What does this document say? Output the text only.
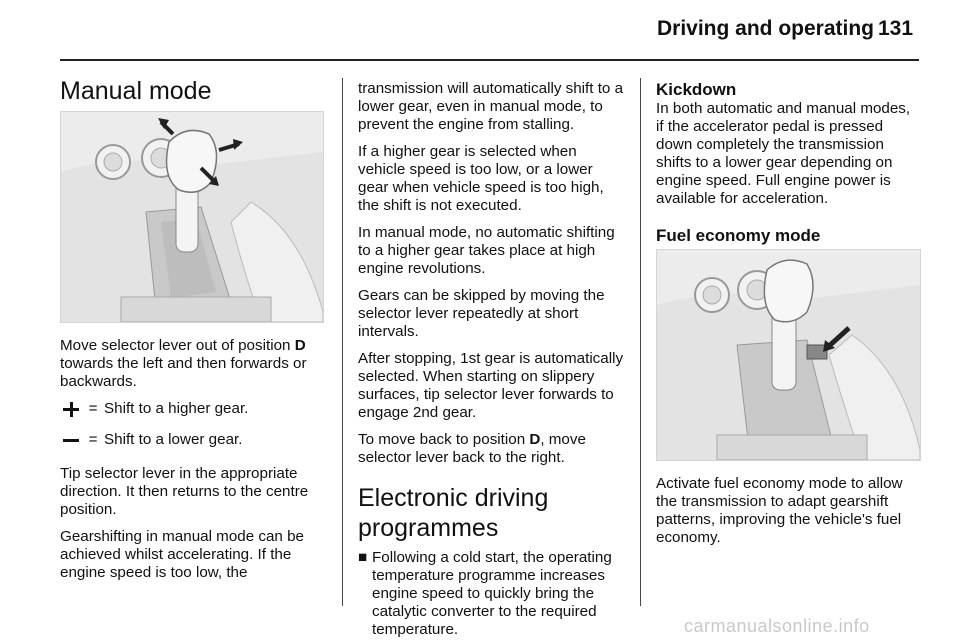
Driving and operating 131
Manual mode

Move selector lever out of position D towards the left and then forwards or backwards.

= Shift to a higher gear.
= Shift to a lower gear.

Tip selector lever in the appropriate direction. It then returns to the centre position.

Gearshifting in manual mode can be achieved whilst accelerating. If the engine speed is too low, the

transmission will automatically shift to a lower gear, even in manual mode, to prevent the engine from stalling.

If a higher gear is selected when vehicle speed is too low, or a lower gear when vehicle speed is too high, the shift is not executed.

In manual mode, no automatic shifting to a higher gear takes place at high engine revolutions.

Gears can be skipped by moving the selector lever repeatedly at short intervals.

After stopping, 1st gear is automatically selected. When starting on slippery surfaces, tip selector lever forwards to engage 2nd gear.

To move back to position D, move selector lever back to the right.

Electronic driving programmes
■ Following a cold start, the operating temperature programme increases engine speed to quickly bring the catalytic converter to the required temperature.
Kickdown

In both automatic and manual modes, if the accelerator pedal is pressed down completely the transmission shifts to a lower gear depending on engine speed. Full engine power is available for acceleration.

Fuel economy mode

Activate fuel economy mode to allow the transmission to adapt gearshift patterns, improving the vehicle's fuel economy.

carmanualsonline.info
